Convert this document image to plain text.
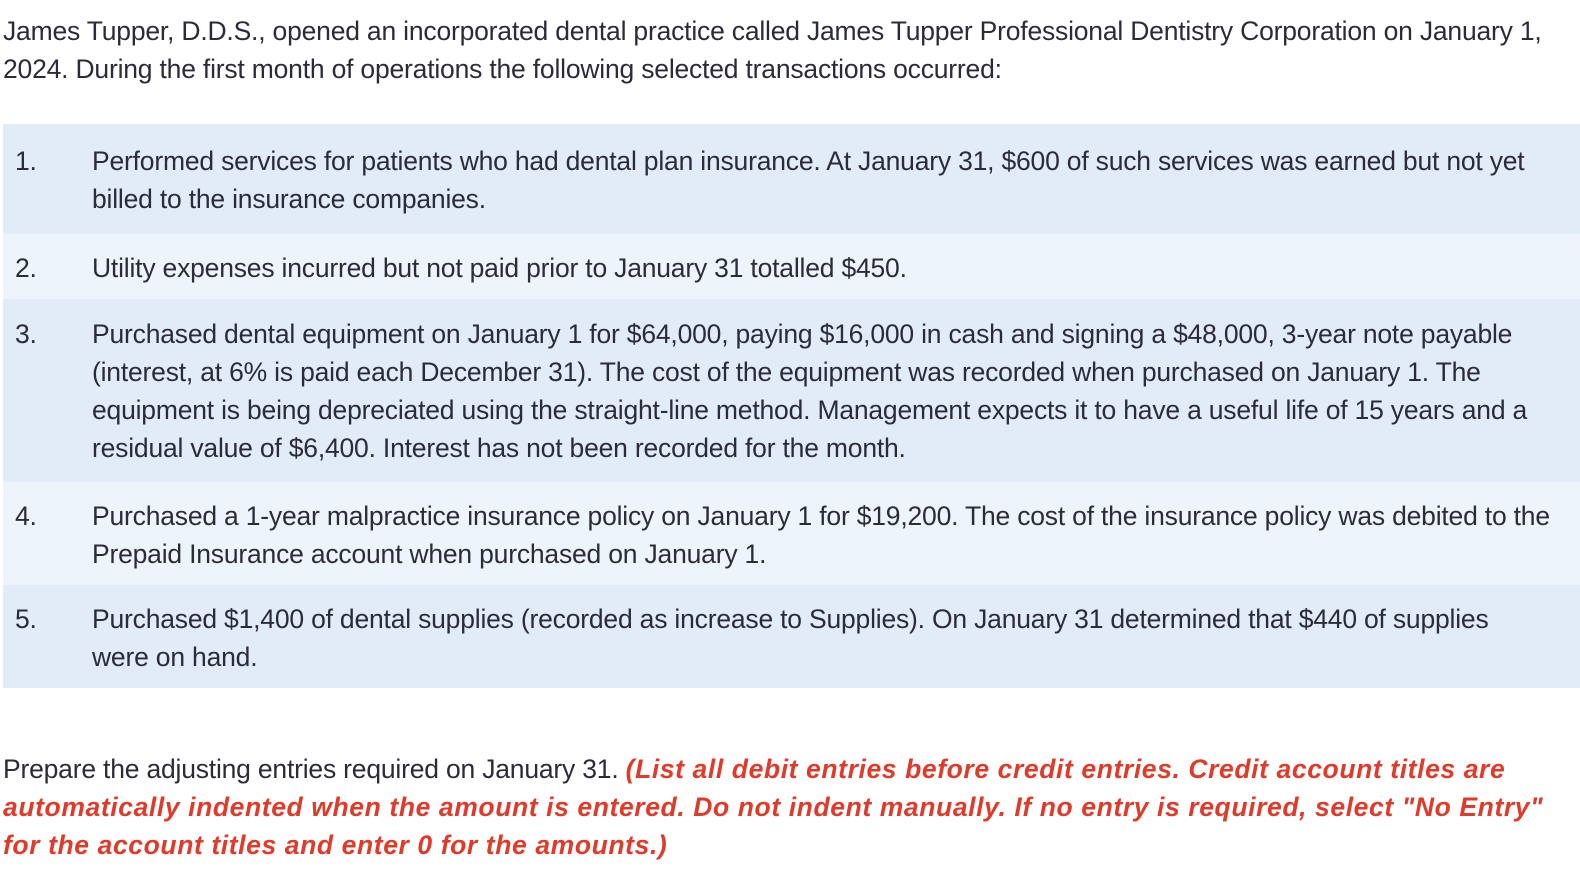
James Tupper, D.D.S., opened an incorporated dental practice called James Tupper Professional Dentistry Corporation on January 1, 2024. During the first month of operations the following selected transactions occurred:

1.	Performed services for patients who had dental plan insurance. At January 31, $600 of such services was earned but not yet billed to the insurance companies.
2.	Utility expenses incurred but not paid prior to January 31 totalled $450.
3.	Purchased dental equipment on January 1 for $64,000, paying $16,000 in cash and signing a $48,000, 3-year note payable (interest, at 6% is paid each December 31). The cost of the equipment was recorded when purchased on January 1. The equipment is being depreciated using the straight-line method. Management expects it to have a useful life of 15 years and a residual value of $6,400. Interest has not been recorded for the month.
4.	Purchased a 1-year malpractice insurance policy on January 1 for $19,200. The cost of the insurance policy was debited to the Prepaid Insurance account when purchased on January 1.
5.	Purchased $1,400 of dental supplies (recorded as increase to Supplies). On January 31 determined that $440 of supplies were on hand.

Prepare the adjusting entries required on January 31. (List all debit entries before credit entries. Credit account titles are automatically indented when the amount is entered. Do not indent manually. If no entry is required, select "No Entry" for the account titles and enter 0 for the amounts.)
